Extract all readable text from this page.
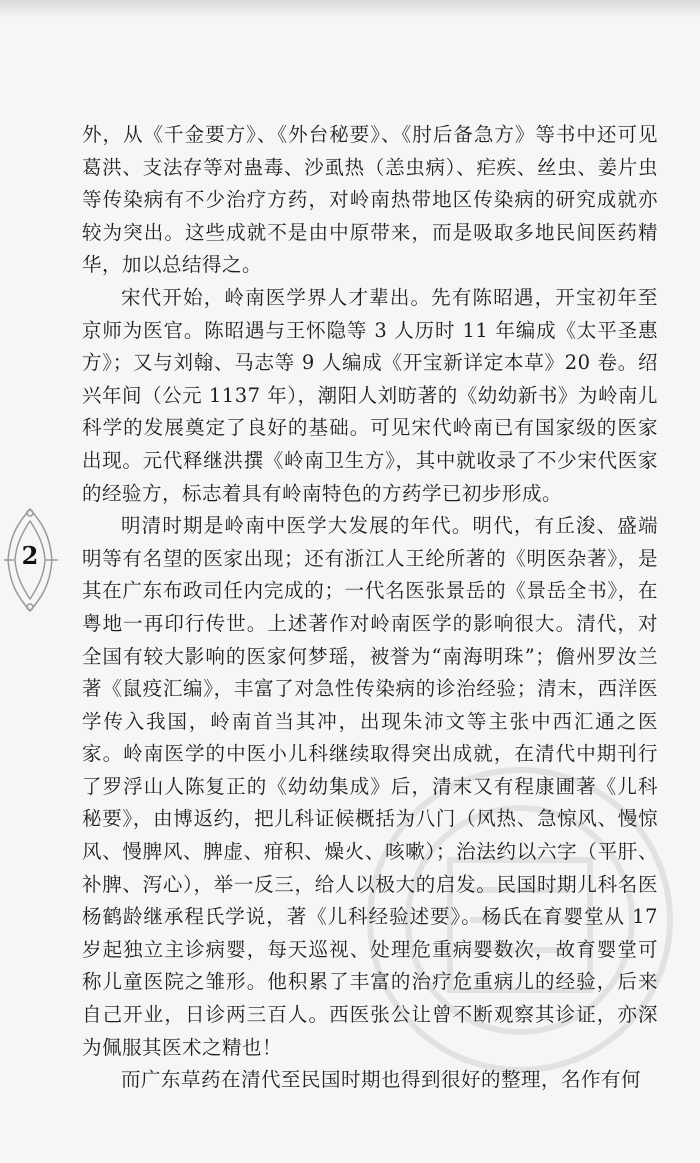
2

外，从《千金要方》、《外台秘要》、《肘后备急方》等书中还可见葛洪、支法存等对蛊毒、沙虱热（恙虫病）、疟疾、丝虫、姜片虫等传染病有不少治疗方药，对岭南热带地区传染病的研究成就亦较为突出。这些成就不是由中原带来，而是吸取多地民间医药精华，加以总结得之。

宋代开始，岭南医学界人才辈出。先有陈昭遇，开宝初年至京师为医官。陈昭遇与王怀隐等 3 人历时 11 年编成《太平圣惠方》；又与刘翰、马志等 9 人编成《开宝新详定本草》20 卷。绍兴年间（公元 1137 年），潮阳人刘昉著的《幼幼新书》为岭南儿科学的发展奠定了良好的基础。可见宋代岭南已有国家级的医家出现。元代释继洪撰《岭南卫生方》，其中就收录了不少宋代医家的经验方，标志着具有岭南特色的方药学已初步形成。

明清时期是岭南中医学大发展的年代。明代，有丘浚、盛端明等有名望的医家出现；还有浙江人王纶所著的《明医杂著》，是其在广东布政司任内完成的；一代名医张景岳的《景岳全书》，在粤地一再印行传世。上述著作对岭南医学的影响很大。清代，对全国有较大影响的医家何梦瑶，被誉为“南海明珠”；儋州罗汝兰著《鼠疫汇编》，丰富了对急性传染病的诊治经验；清末，西洋医学传入我国，岭南首当其冲，出现朱沛文等主张中西汇通之医家。岭南医学的中医小儿科继续取得突出成就，在清代中期刊行了罗浮山人陈复正的《幼幼集成》后，清末又有程康圃著《儿科秘要》，由博返约，把儿科证候概括为八门（风热、急惊风、慢惊风、慢脾风、脾虚、疳积、燥火、咳嗽）；治法约以六字（平肝、补脾、泻心），举一反三，给人以极大的启发。民国时期儿科名医杨鹤龄继承程氏学说，著《儿科经验述要》。杨氏在育婴堂从 17 岁起独立主诊病婴，每天巡视、处理危重病婴数次，故育婴堂可称儿童医院之雏形。他积累了丰富的治疗危重病儿的经验，后来自己开业，日诊两三百人。西医张公让曾不断观察其诊证，亦深为佩服其医术之精也！

而广东草药在清代至民国时期也得到很好的整理，名作有何
